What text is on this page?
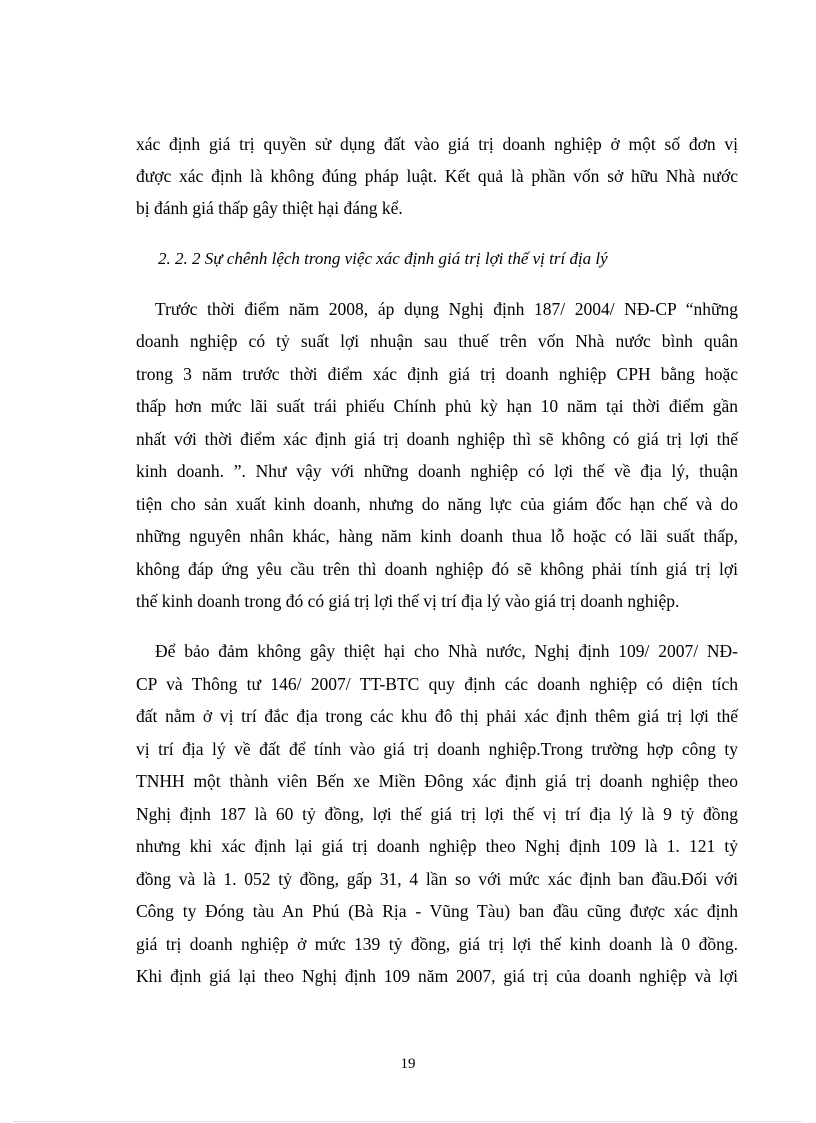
xác định giá trị quyền sử dụng đất vào giá trị doanh nghiệp ở một số đơn vị
được xác định là không đúng pháp luật. Kết quả là phần vốn sở hữu Nhà nước
bị đánh giá thấp gây thiệt hại đáng kể.
2. 2. 2 Sự chênh lệch trong việc xác định giá trị lợi thế vị trí địa lý
Trước thời điểm năm 2008, áp dụng Nghị định 187/ 2004/ NĐ-CP “những
doanh nghiệp có tỷ suất lợi nhuận sau thuế trên vốn Nhà nước bình quân
trong 3 năm trước thời điểm xác định giá trị doanh nghiệp CPH bằng hoặc
thấp hơn mức lãi suất trái phiếu Chính phủ kỳ hạn 10 năm tại thời điểm gần
nhất với thời điểm xác định giá trị doanh nghiệp thì sẽ không có giá trị lợi thế
kinh doanh. ”. Như vậy với những doanh nghiệp có lợi thế về địa lý, thuận
tiện cho sản xuất kinh doanh, nhưng do năng lực của giám đốc hạn chế và do
những nguyên nhân khác, hàng năm kinh doanh thua lỗ hoặc có lãi suất thấp,
không đáp ứng yêu cầu trên thì doanh nghiệp đó sẽ không phải tính giá trị lợi
thế kinh doanh trong đó có giá trị lợi thế vị trí địa lý vào giá trị doanh nghiệp.
Để bảo đảm không gây thiệt hại cho Nhà nước, Nghị định 109/ 2007/ NĐ-
CP và Thông tư 146/ 2007/ TT-BTC quy định các doanh nghiệp có diện tích
đất nằm ở vị trí đắc địa trong các khu đô thị phải xác định thêm giá trị lợi thế
vị trí địa lý về đất để tính vào giá trị doanh nghiệp.Trong trường hợp công ty
TNHH một thành viên Bến xe Miền Đông xác định giá trị doanh nghiệp theo
Nghị định 187 là 60 tỷ đồng, lợi thế giá trị lợi thế vị trí địa lý là 9 tỷ đồng
nhưng khi xác định lại giá trị doanh nghiệp theo Nghị định 109 là 1. 121 tỷ
đồng và là 1. 052 tỷ đồng, gấp 31, 4 lần so với mức xác định ban đầu.Đối với
Công ty Đóng tàu An Phú (Bà Rịa - Vũng Tàu) ban đầu cũng được xác định
giá trị doanh nghiệp ở mức 139 tỷ đồng, giá trị lợi thế kinh doanh là 0 đồng.
Khi định giá lại theo Nghị định 109 năm 2007, giá trị của doanh nghiệp và lợi
19
